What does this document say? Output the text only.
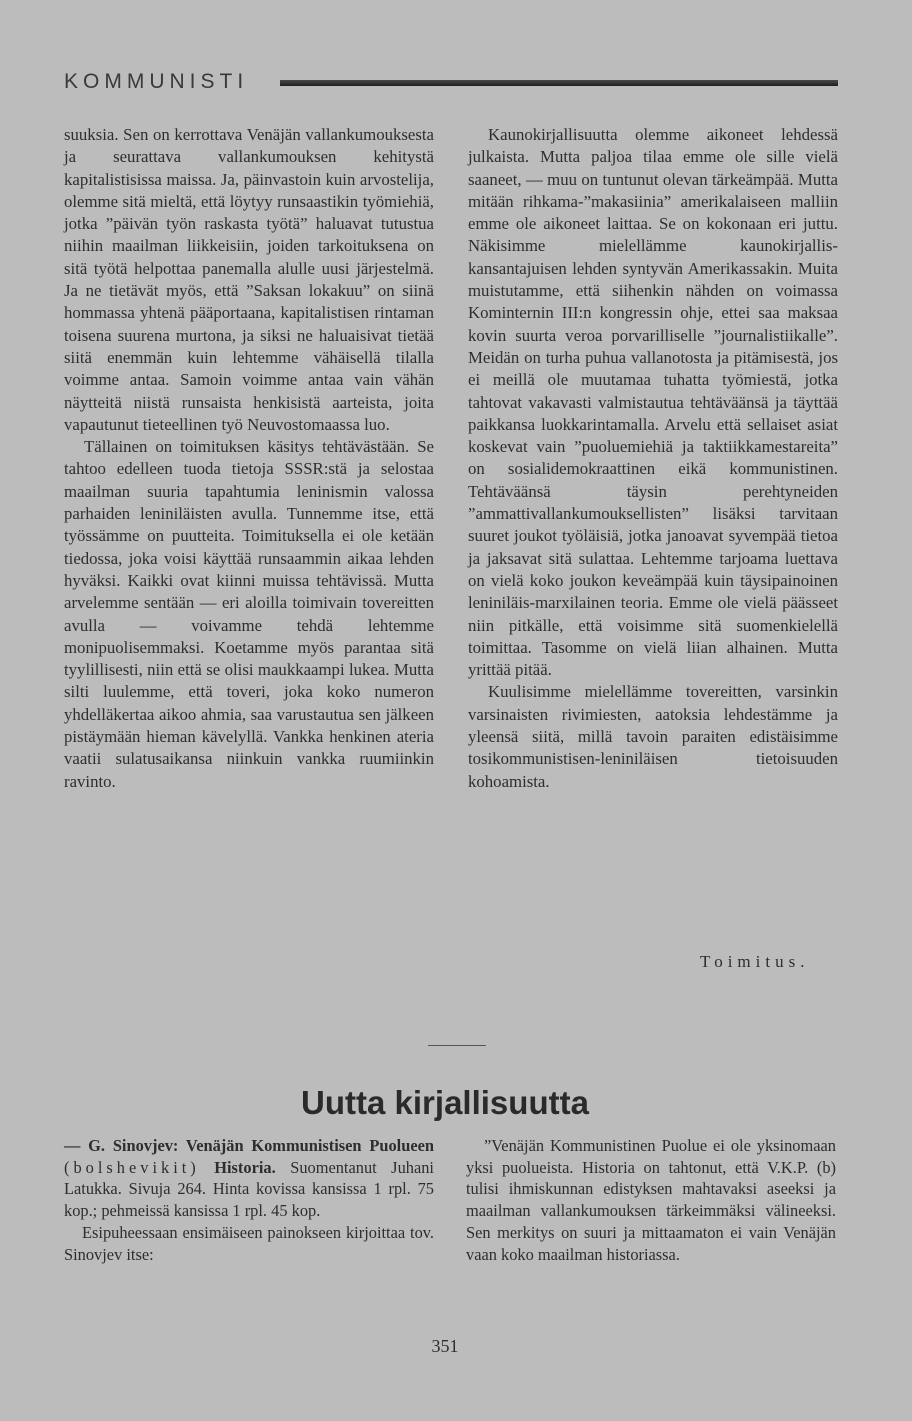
KOMMUNISTI

suuksia. Sen on kerrottava Venäjän vallankumouksesta ja seurattava vallankumouksen kehitystä kapitalistisissa maissa. Ja, päinvastoin kuin arvostelija, olemme sitä mieltä, että löytyy runsaastikin työmiehiä, jotka ”päivän työn raskasta työtä” haluavat tutustua niihin maailman liikkeisiin, joiden tarkoituksena on sitä työtä helpottaa panemalla alulle uusi järjestelmä. Ja ne tietävät myös, että ”Saksan lokakuu” on siinä hommassa yhtenä pääportaana, kapitalistisen rintaman toisena suurena murtona, ja siksi ne haluaisivat tietää siitä enemmän kuin lehtemme vähäisellä tilalla voimme antaa. Samoin voimme antaa vain vähän näytteitä niistä runsaista henkisistä aarteista, joita vapautunut tieteellinen työ Neuvostomaassa luo.

Tällainen on toimituksen käsitys tehtävästään. Se tahtoo edelleen tuoda tietoja SSSR:stä ja selostaa maailman suuria tapahtumia leninismin valossa parhaiden leniniläisten avulla. Tunnemme itse, että työssämme on puutteita. Toimituksella ei ole ketään tiedossa, joka voisi käyttää runsaammin aikaa lehden hyväksi. Kaikki ovat kiinni muissa tehtävissä. Mutta arvelemme sentään — eri aloilla toimivain tovereitten avulla — voivamme tehdä lehtemme monipuolisemmaksi. Koetamme myös parantaa sitä tyylillisesti, niin että se olisi maukkaampi lukea. Mutta silti luulemme, että toveri, joka koko numeron yhdelläkertaa aikoo ahmia, saa varustautua sen jälkeen pistäymään hieman kävelyllä. Vankka henkinen ateria vaatii sulatusaikansa niinkuin vankka ruumiinkin ravinto.

Kaunokirjallisuutta olemme aikoneet lehdessä julkaista. Mutta paljoa tilaa emme ole sille vielä saaneet, — muu on tuntunut olevan tärkeämpää. Mutta mitään rihkama-”makasiinia” amerikalaiseen malliin emme ole aikoneet laittaa. Se on kokonaan eri juttu. Näkisimme mielellämme kaunokirjallis-kansantajuisen lehden syntyvän Amerikassakin. Muita muistutamme, että siihenkin nähden on voimassa Kominternin III:n kongressin ohje, ettei saa maksaa kovin suurta veroa porvarilliselle ”journalistiikalle”. Meidän on turha puhua vallanotosta ja pitämisestä, jos ei meillä ole muutamaa tuhatta työmiestä, jotka tahtovat vakavasti valmistautua tehtäväänsä ja täyttää paikkansa luokkarintamalla. Arvelu että sellaiset asiat koskevat vain ”puoluemiehiä ja taktiikkamestareita” on sosialidemokraattinen eikä kommunistinen. Tehtäväänsä täysin perehtyneiden ”ammattivallankumouksellisten” lisäksi tarvitaan suuret joukot työläisiä, jotka janoavat syvempää tietoa ja jaksavat sitä sulattaa. Lehtemme tarjoama luettava on vielä koko joukon keveämpää kuin täysipainoinen leniniläis-marxilainen teoria. Emme ole vielä päässeet niin pitkälle, että voisimme sitä suomenkielellä toimittaa. Tasomme on vielä liian alhainen. Mutta yrittää pitää.

Kuulisimme mielellämme tovereitten, varsinkin varsinaisten rivimiesten, aatoksia lehdestämme ja yleensä siitä, millä tavoin paraiten edistäisimme tosikommunistisen-leniniläisen tietoisuuden kohoamista.

Toimitus.
Uutta kirjallisuutta

— G. Sinovjev: Venäjän Kommunistisen Puolueen (bolshevikit) Historia. Suomentanut Juhani Latukka. Sivuja 264. Hinta kovissa kansissa 1 rpl. 75 kop.; pehmeissä kansissa 1 rpl. 45 kop.

Esipuheessaan ensimäiseen painokseen kirjoittaa tov. Sinovjev itse:

”Venäjän Kommunistinen Puolue ei ole yksinomaan yksi puolueista. Historia on tahtonut, että V.K.P. (b) tulisi ihmiskunnan edistyksen mahtavaksi aseeksi ja maailman vallankumouksen tärkeimmäksi välineeksi. Sen merkitys on suuri ja mittaamaton ei vain Venäjän vaan koko maailman historiassa.

351
